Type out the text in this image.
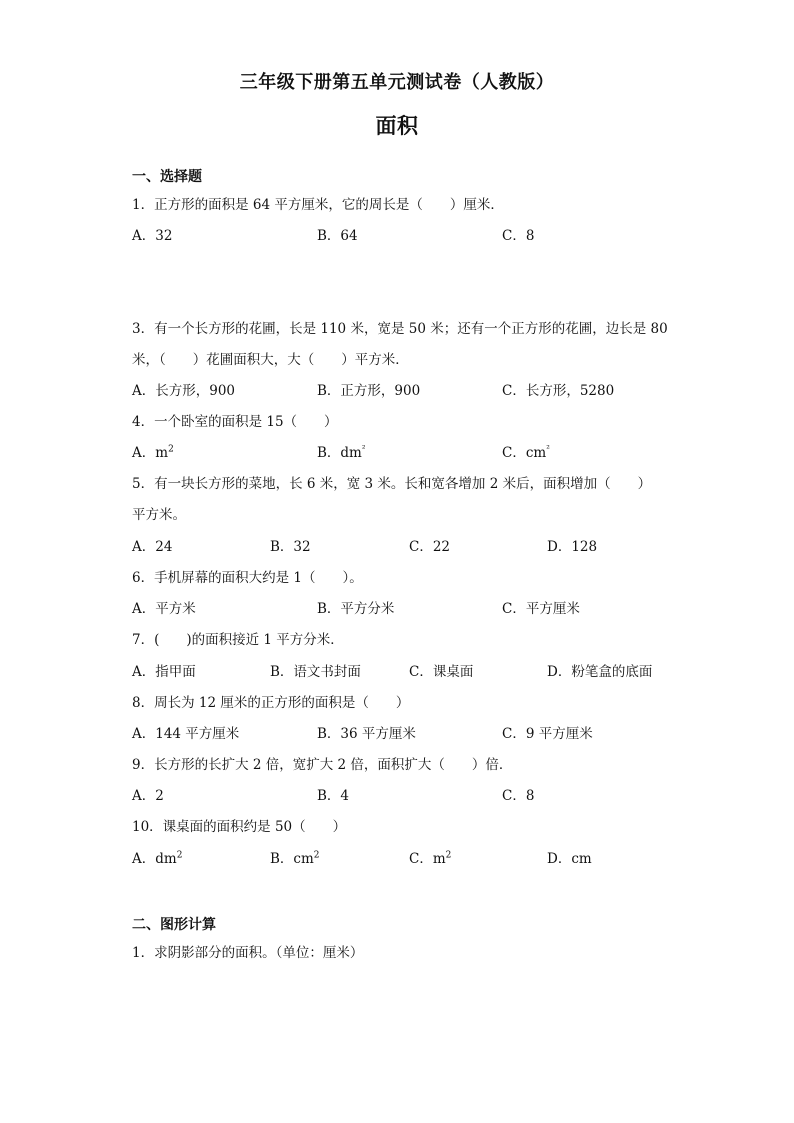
三年级下册第五单元测试卷（人教版）
面积
一、选择题
1．正方形的面积是 64 平方厘米，它的周长是（　　）厘米．
A．32	B．64	C．8
3．有一个长方形的花圃，长是 110 米，宽是 50 米；还有一个正方形的花圃，边长是 80
米，（　　）花圃面积大，大（　　）平方米．
A．长方形，900	B．正方形，900	C．长方形，5280
4．一个卧室的面积是 15（　　）
A．$m^2$	B．$dm^{^2}$	C．$cm^{^2}$
5．有一块长方形的菜地，长 6 米，宽 3 米。长和宽各增加 2 米后，面积增加（　　）
平方米。
A．24	B．32	C．22	D．128
6．手机屏幕的面积大约是 1（　　）。
A．平方米	B．平方分米	C．平方厘米
7．(　　)的面积接近 1 平方分米．
A．指甲面	B．语文书封面	C．课桌面	D．粉笔盒的底面
8．周长为 12 厘米的正方形的面积是（　　）
A．144 平方厘米	B．36 平方厘米	C．9 平方厘米
9．长方形的长扩大 2 倍，宽扩大 2 倍，面积扩大（　　）倍．
A．2	B．4	C．8
10．课桌面的面积约是 50（　　）
A．$dm^2$	B．$cm^2$	C．$m^2$	D．cm
二、图形计算
1．求阴影部分的面积。（单位：厘米）
